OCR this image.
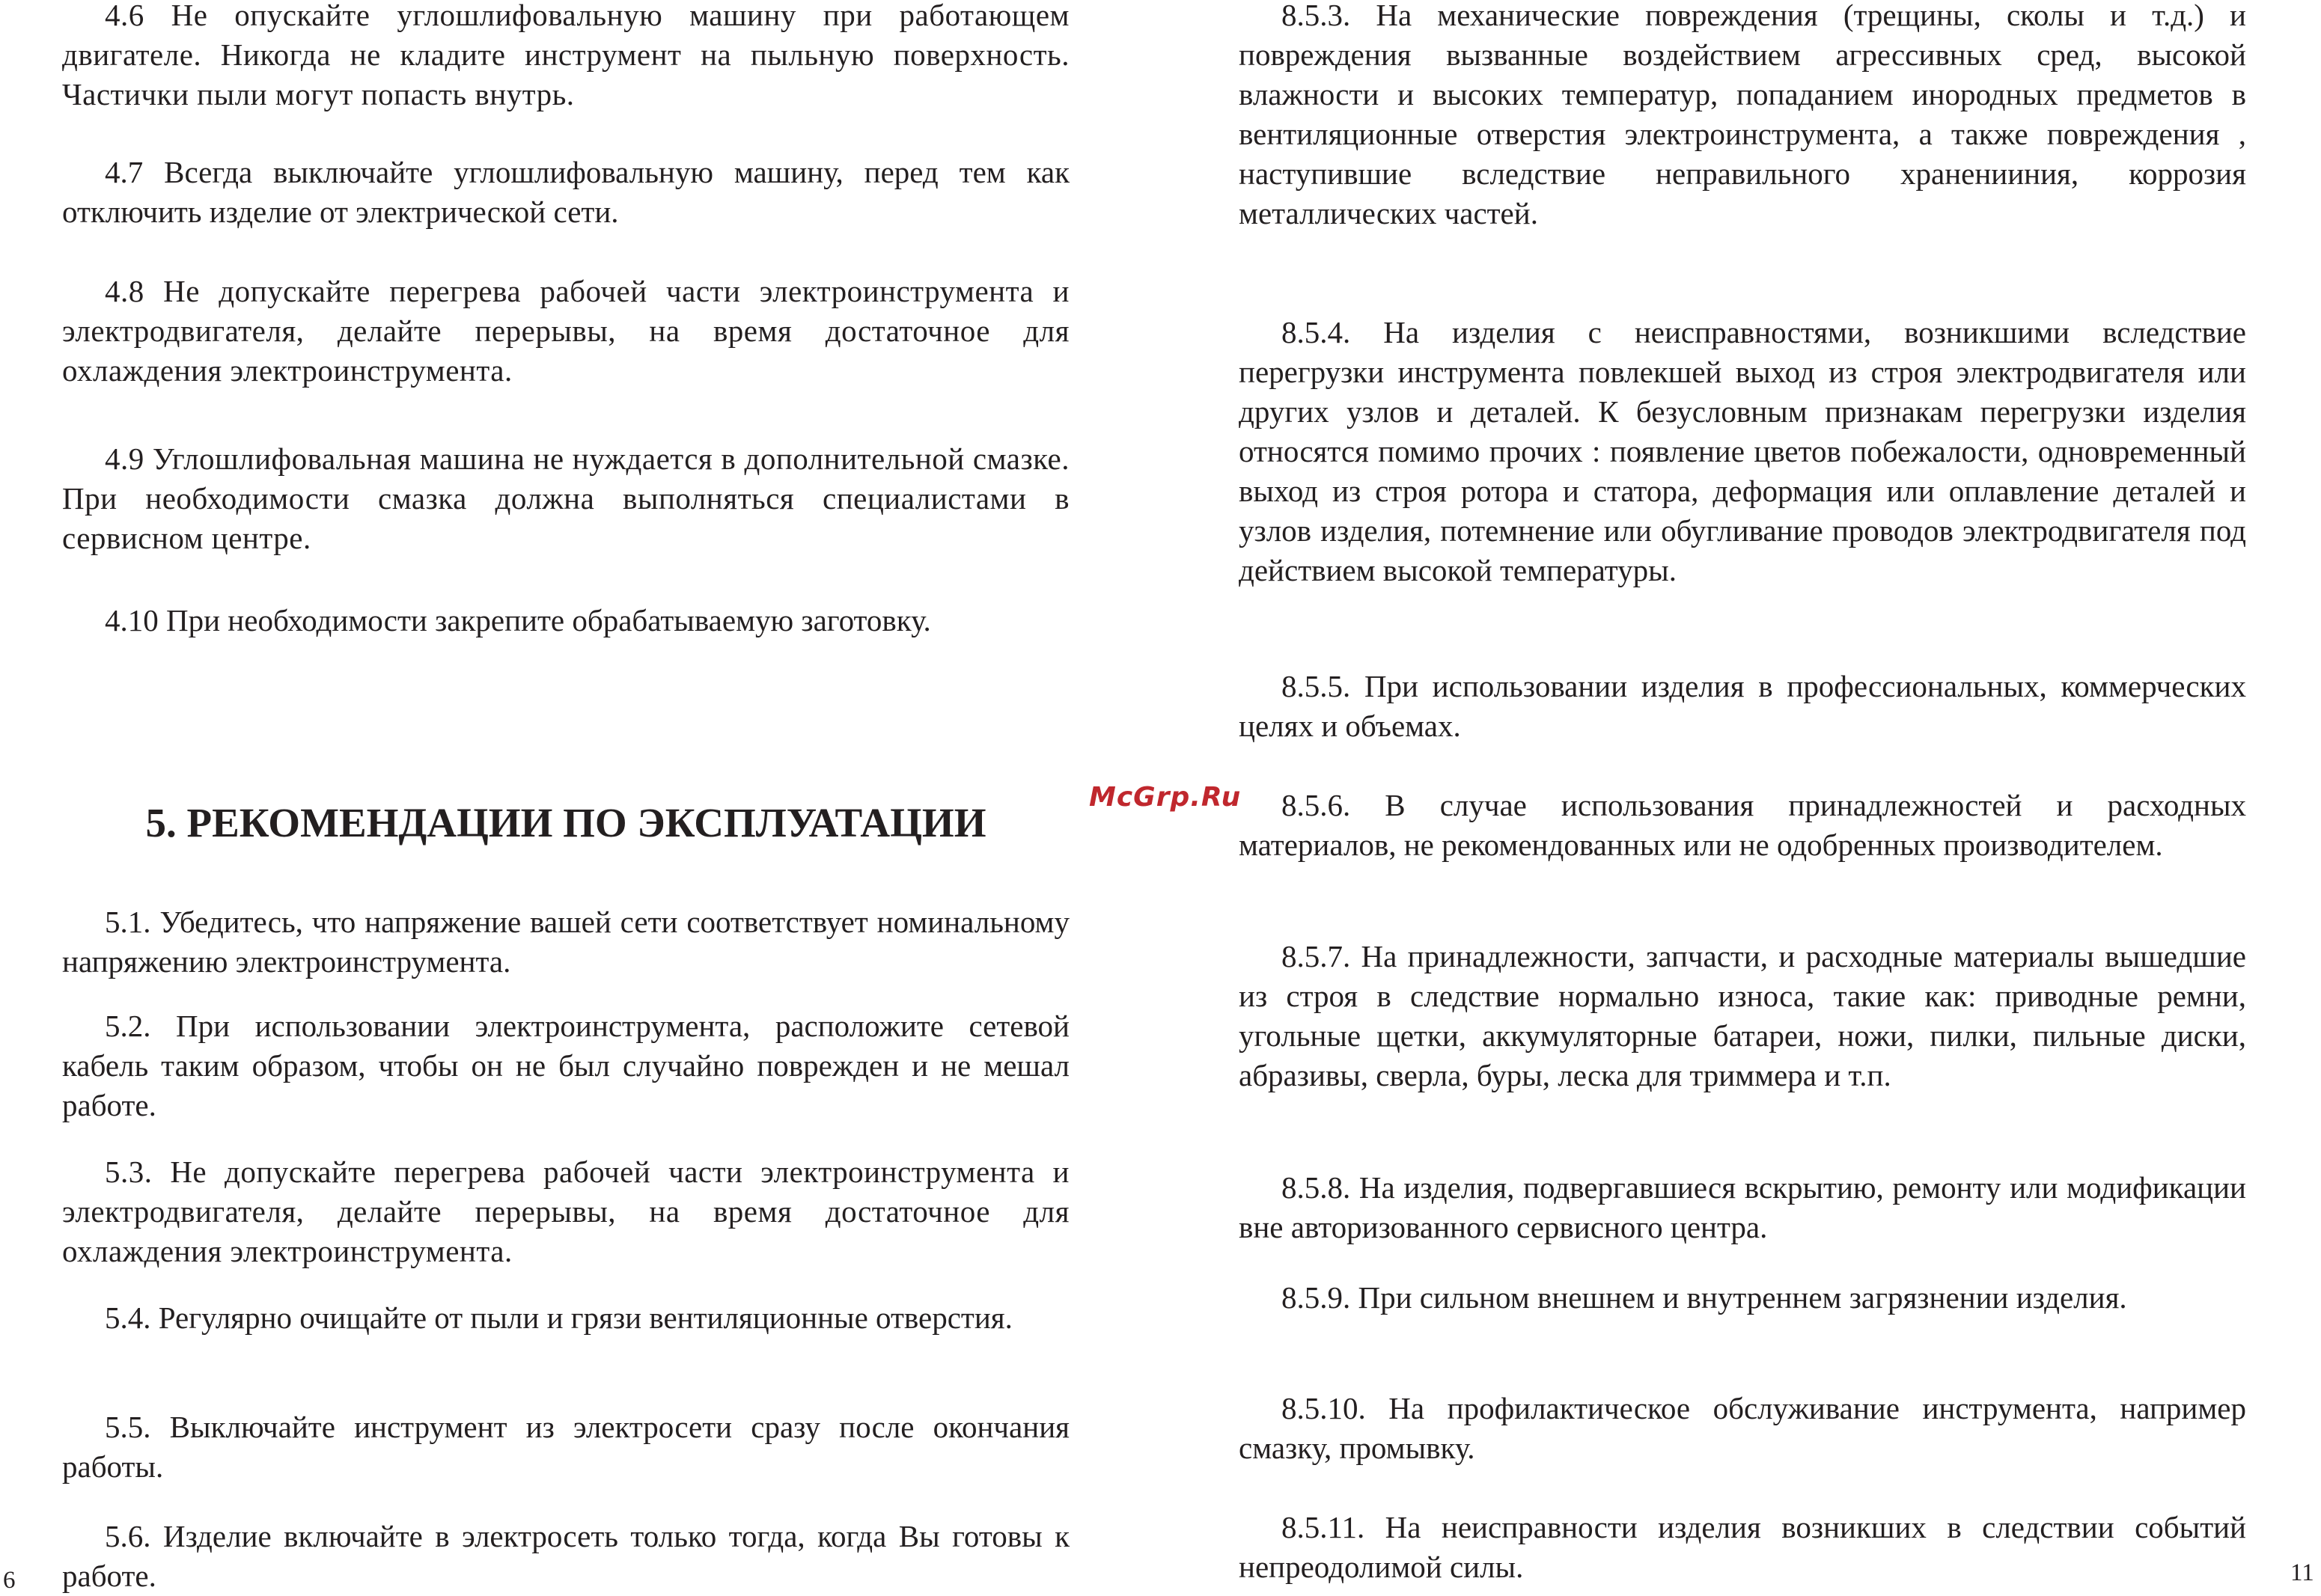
4.6 Не опускайте углошлифовальную машину при работающем двигателе. Никогда не кладите инструмент на пыльную поверхность. Частички пыли могут попасть внутрь.

4.7 Всегда выключайте углошлифовальную машину, перед тем как отключить изделие от электрической сети.

4.8 Не допускайте перегрева рабочей части электроинструмента и электродвигателя, делайте перерывы, на время достаточное для охлаждения электроинструмента.

4.9 Углошлифовальная машина не нуждается в дополнительной смазке. При необходимости смазка должна выполняться специалистами в сервисном центре.

4.10 При необходимости закрепите обрабатываемую заготовку.

5. РЕКОМЕНДАЦИИ ПО ЭКСПЛУАТАЦИИ

5.1. Убедитесь, что напряжение вашей сети соответствует номинальному напряжению электроинструмента.

5.2. При использовании электроинструмента, расположите сетевой кабель таким образом, чтобы он не был случайно поврежден и не мешал работе.

5.3. Не допускайте перегрева рабочей части электроинструмента и электродвигателя, делайте перерывы, на время достаточное для охлаждения электроинструмента.

5.4. Регулярно очищайте от пыли и грязи вентиляционные отверстия.

5.5. Выключайте инструмент из электросети сразу после окончания работы.

5.6. Изделие включайте в электросеть только тогда, когда Вы готовы к работе.

6
McGrp.Ru

8.5.3. На механические повреждения (трещины, сколы и т.д.) и повреждения вызванные воздействием агрессивных сред, высокой влажности и высоких температур, попаданием инородных предметов в вентиляционные отверстия электроинструмента, а также повреждения , наступившие вследствие неправильного храненииния, коррозия металлических частей.

8.5.4. На изделия с неисправностями, возникшими вследствие перегрузки инструмента повлекшей выход из строя электродвигателя или других узлов и деталей. К безусловным признакам перегрузки изделия относятся помимо прочих : появление цветов побежалости, одновременный выход из строя ротора и статора, деформация или оплавление деталей и узлов изделия, потемнение или обугливание проводов электродвигателя под действием высокой температуры.

8.5.5. При использовании изделия в профессиональных, коммерческих целях и объемах.

8.5.6. В случае использования принадлежностей и расходных материалов, не рекомендованных или не одобренных производителем.

8.5.7. На принадлежности, запчасти, и расходные материалы вышедшие из строя в следствие нормально износа, такие как: приводные ремни, угольные щетки, аккумуляторные батареи, ножи, пилки, пильные диски, абразивы, сверла, буры, леска для триммера и т.п.

8.5.8. На изделия, подвергавшиеся вскрытию, ремонту или модификации вне авторизованного сервисного центра.

8.5.9. При сильном внешнем и внутреннем загрязнении изделия.

8.5.10. На профилактическое обслуживание инструмента, например смазку, промывку.

8.5.11. На неисправности изделия возникших в следствии событий непреодолимой силы.	11
